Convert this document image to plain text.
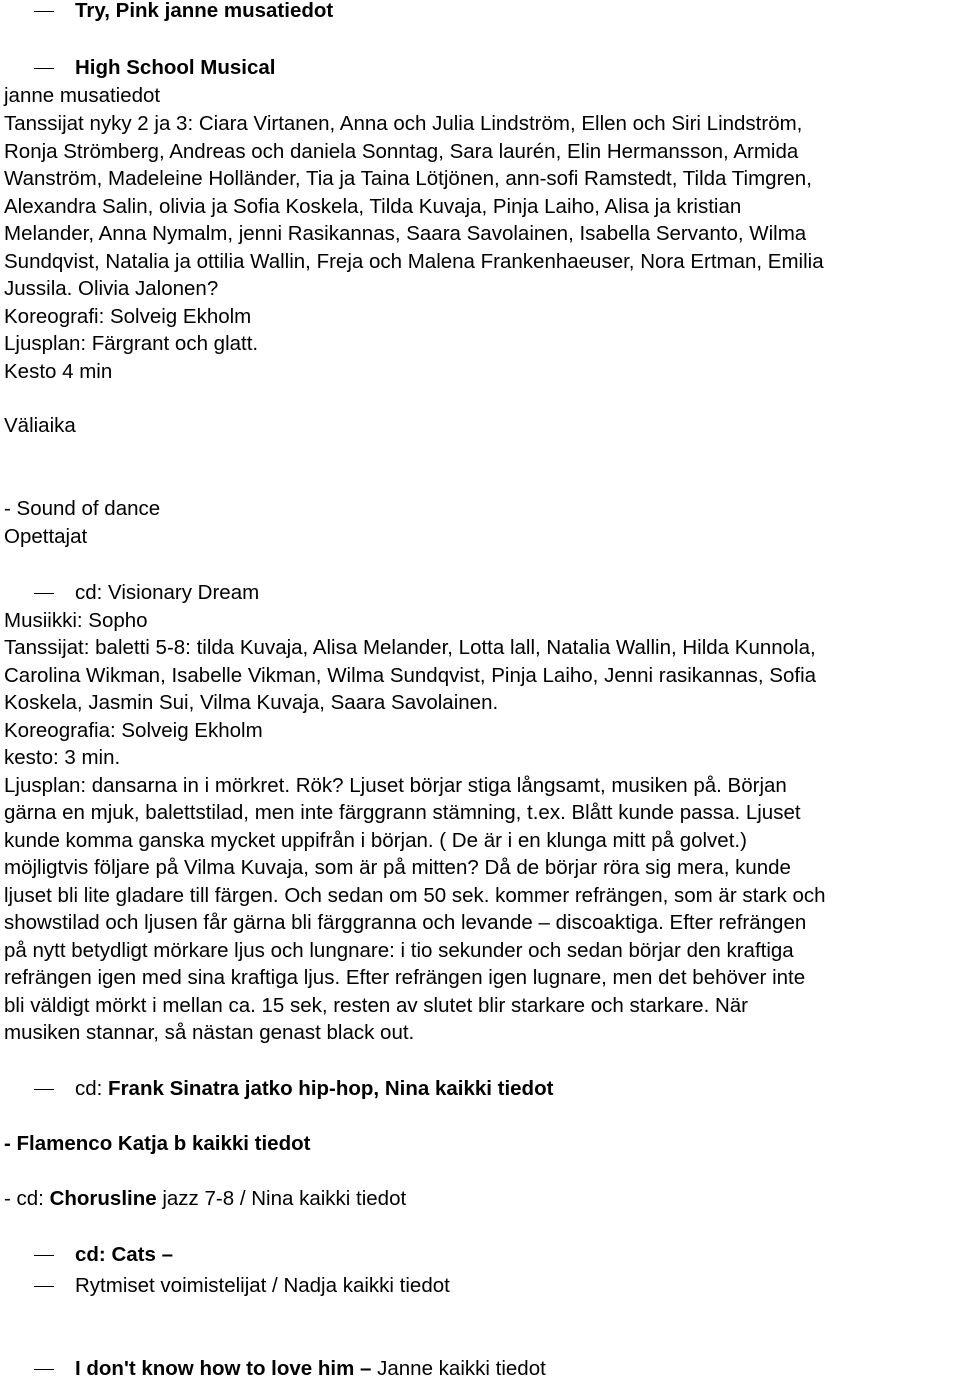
Try, Pink janne musatiedot
High School Musical
janne musatiedot
Tanssijat nyky 2 ja 3: Ciara Virtanen, Anna och Julia Lindström, Ellen och Siri Lindström,
Ronja Strömberg, Andreas och daniela Sonntag, Sara laurén, Elin Hermansson, Armida
Wanström, Madeleine Holländer, Tia ja Taina Lötjönen, ann-sofi Ramstedt, Tilda Timgren,
Alexandra Salin, olivia ja Sofia Koskela, Tilda Kuvaja, Pinja Laiho, Alisa ja kristian
Melander, Anna Nymalm, jenni Rasikannas, Saara Savolainen, Isabella Servanto, Wilma
Sundqvist, Natalia ja ottilia Wallin, Freja och Malena Frankenhaeuser, Nora Ertman, Emilia
Jussila. Olivia Jalonen?
Koreografi: Solveig Ekholm
Ljusplan: Färgrant och glatt.
Kesto 4 min
Väliaika
- Sound of dance
Opettajat
cd: Visionary Dream
Musiikki: Sopho
Tanssijat: baletti 5-8: tilda Kuvaja, Alisa Melander, Lotta lall, Natalia Wallin, Hilda Kunnola,
Carolina Wikman, Isabelle Vikman, Wilma Sundqvist, Pinja Laiho, Jenni rasikannas, Sofia
Koskela, Jasmin Sui, Vilma Kuvaja, Saara Savolainen.
Koreografia: Solveig Ekholm
kesto: 3 min.
Ljusplan: dansarna in i mörkret. Rök? Ljuset börjar stiga långsamt, musiken på. Början
gärna en mjuk, balettstilad, men inte färggrann stämning, t.ex. Blått kunde passa. Ljuset
kunde komma ganska mycket uppifrån i början. ( De är i en klunga mitt på golvet.)
möjligtvis följare på Vilma Kuvaja, som är på mitten? Då de börjar röra sig mera, kunde
ljuset bli lite gladare till färgen. Och sedan om 50 sek. kommer refrängen, som är stark och
showstilad och ljusen får gärna bli färggranna och levande – discoaktiga. Efter refrängen
på nytt betydligt mörkare ljus och lungnare: i tio sekunder och sedan börjar den kraftiga
refrängen igen med sina kraftiga ljus. Efter refrängen igen lugnare, men det behöver inte
bli väldigt mörkt i mellan ca. 15 sek, resten av slutet blir starkare och starkare. När
musiken stannar, så nästan genast black out.
cd: Frank Sinatra jatko hip-hop, Nina kaikki tiedot
- Flamenco Katja b kaikki tiedot
- cd: Chorusline jazz 7-8 / Nina kaikki tiedot
cd: Cats –
Rytmiset voimistelijat / Nadja kaikki tiedot
I don't know how to love him – Janne kaikki tiedot
